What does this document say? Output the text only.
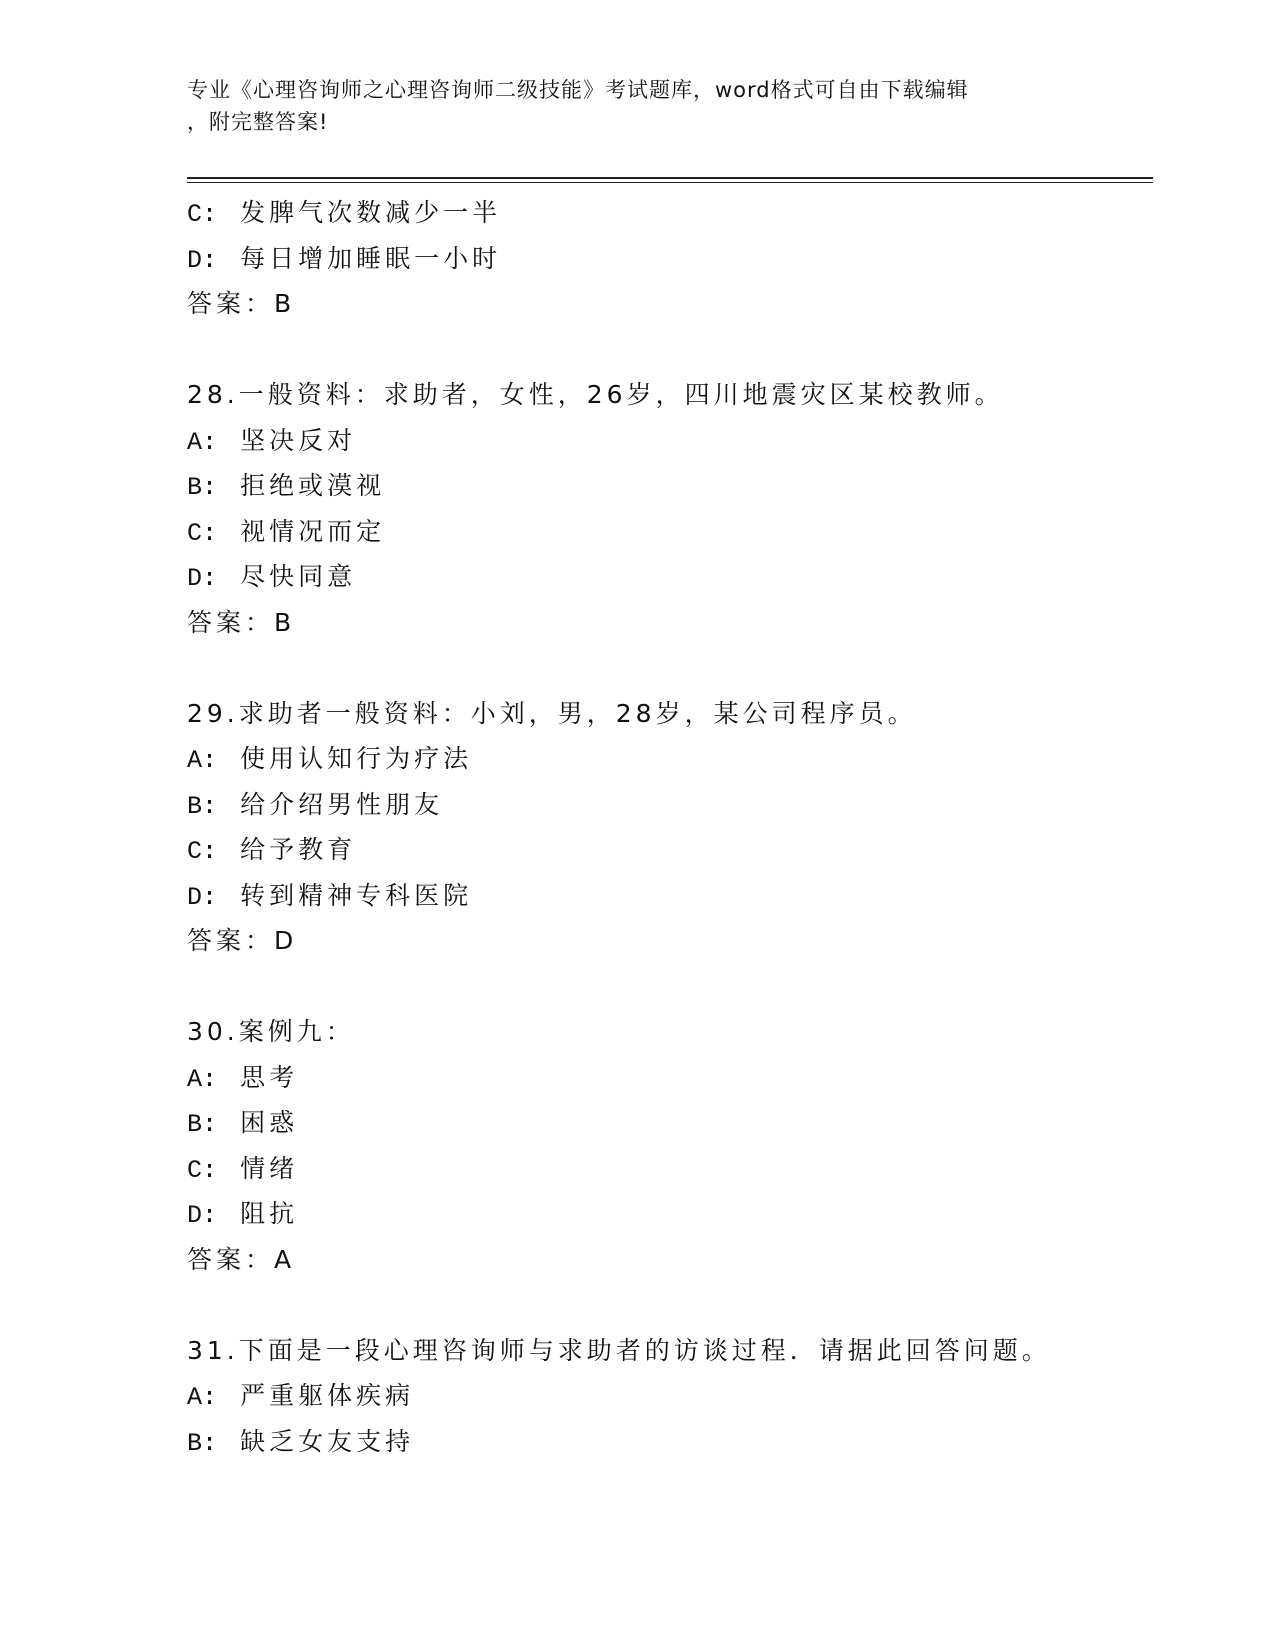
专业《心理咨询师之心理咨询师二级技能》考试题库，word格式可自由下载编辑
，附完整答案!
C: 发脾气次数减少一半
D: 每日增加睡眠一小时
答案：B
28.一般资料：求助者，女性，26岁，四川地震灾区某校教师。
A: 坚决反对
B: 拒绝或漠视
C: 视情况而定
D: 尽快同意
答案：B
29.求助者一般资料：小刘，男，28岁，某公司程序员。
A: 使用认知行为疗法
B: 给介绍男性朋友
C: 给予教育
D: 转到精神专科医院
答案：D
30.案例九：
A: 思考
B: 困惑
C: 情绪
D: 阻抗
答案：A
31.下面是一段心理咨询师与求助者的访谈过程．请据此回答问题。
A: 严重躯体疾病
B: 缺乏女友支持
